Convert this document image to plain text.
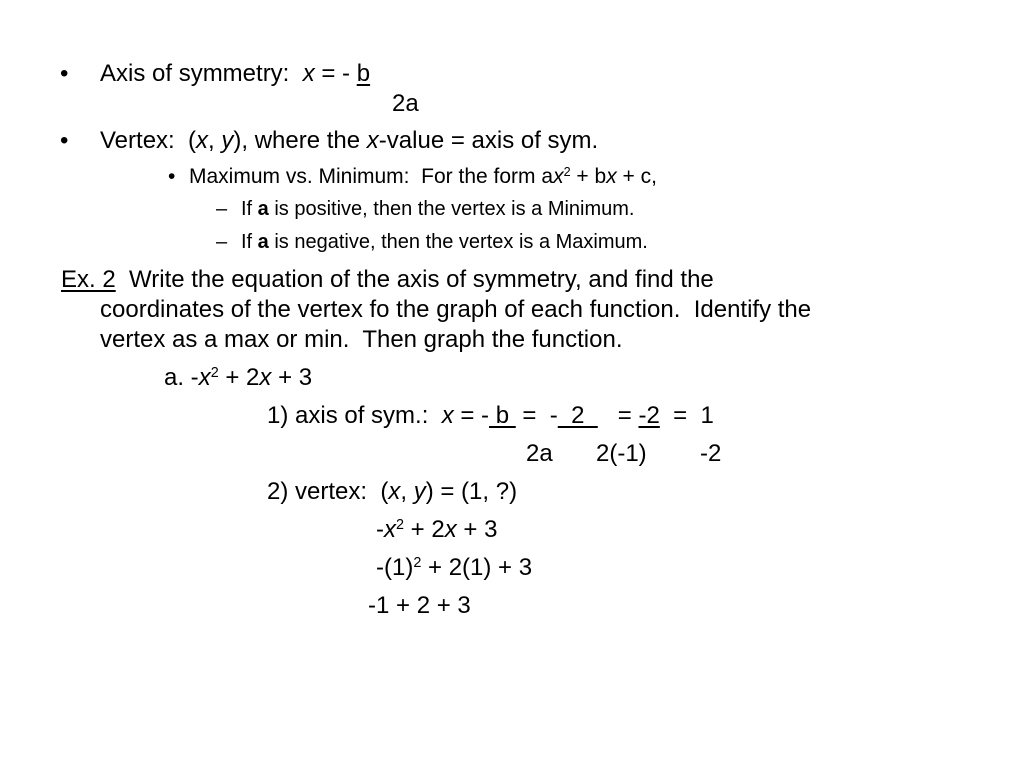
• Axis of symmetry: x = - b
2a
• Vertex:  (x, y), where the x-value = axis of sym.
• Maximum vs. Minimum:  For the form $ax^2$ + bx + c,
– If a is positive, then the vertex is a Minimum.
– If a is negative, then the vertex is a Maximum.
Ex. 2  Write the equation of the axis of symmetry, and find the
coordinates of the vertex fo the graph of each function.  Identify the
vertex as a max or min.  Then graph the function.
a. $-x^2 + 2x + 3$
1) axis of sym.:  x = - b  =  -  2     = -2  =  1
2a 2(-1) -2
2) vertex:  (x, y) = (1, ?)
$-x^2 + 2x + 3$
$-(1)^2 + 2(1) + 3$
-1 + 2 + 3
